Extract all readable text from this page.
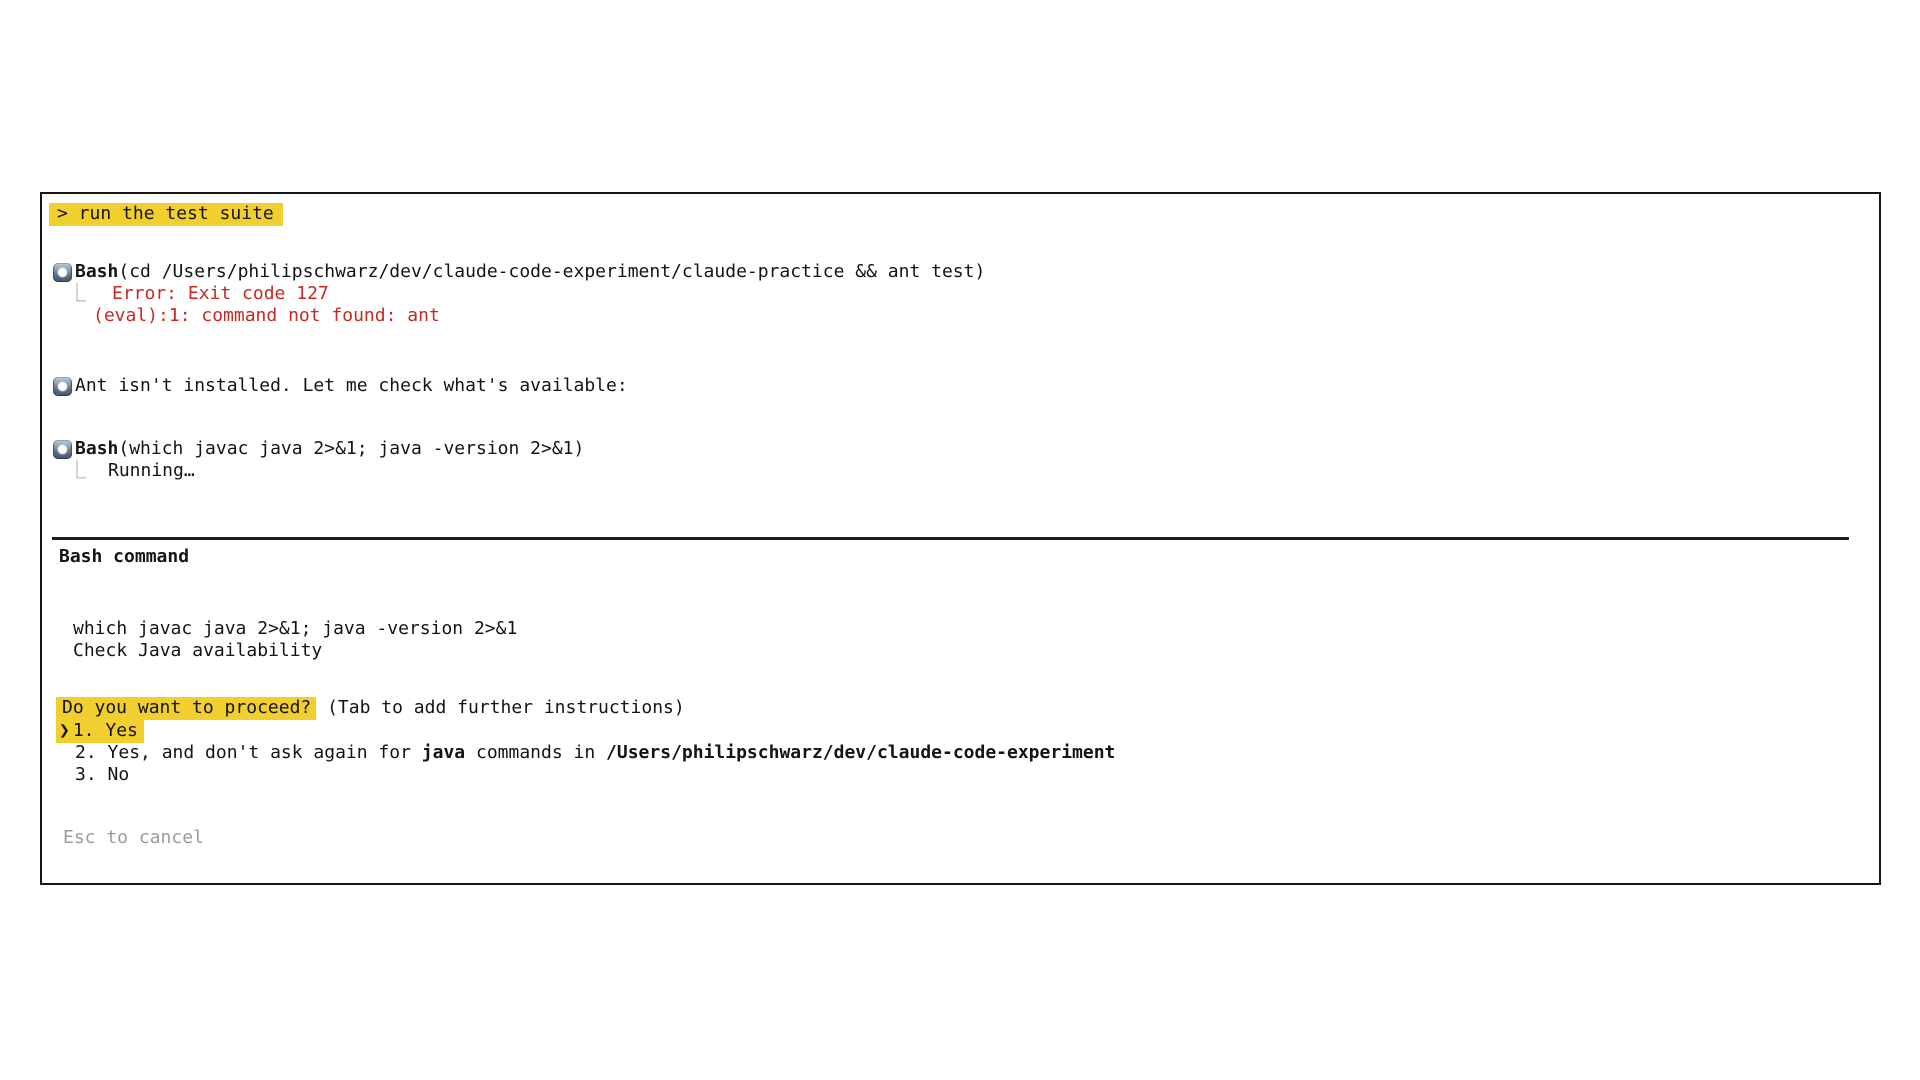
> run the test suite
Bash(cd /Users/philipschwarz/dev/claude-code-experiment/claude-practice && ant test)
⎿ Error: Exit code 127
(eval):1: command not found: ant
Ant isn't installed. Let me check what's available:
Bash(which javac java 2>&1; java -version 2>&1)
⎿ Running…
Bash command
which javac java 2>&1; java -version 2>&1
Check Java availability
Do you want to proceed? (Tab to add further instructions)
❯ 1. Yes
2. Yes, and don't ask again for java commands in /Users/philipschwarz/dev/claude-code-experiment
3. No
Esc to cancel
